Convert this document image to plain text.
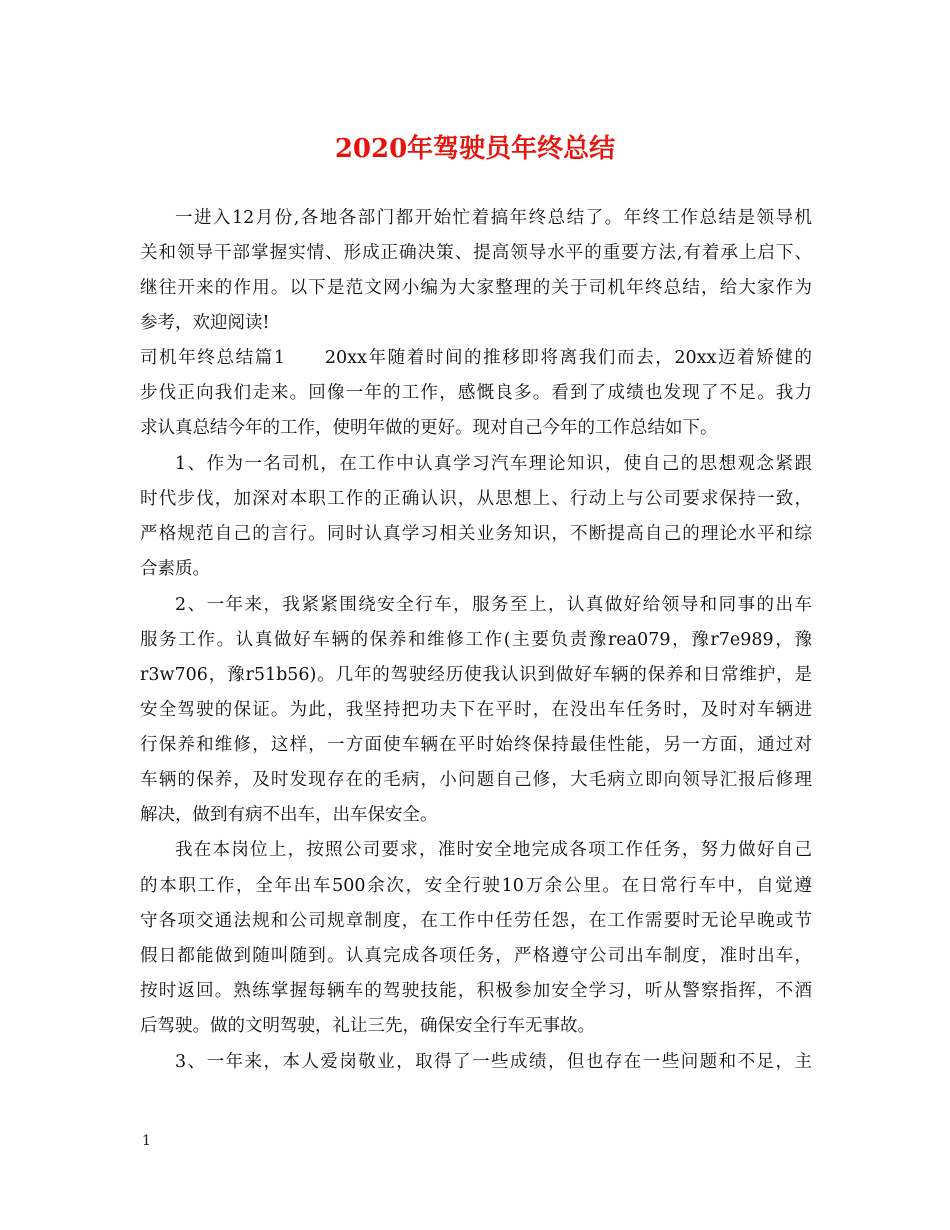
2020年驾驶员年终总结
一进入12月份,各地各部门都开始忙着搞年终总结了。年终工作总结是领导机
关和领导干部掌握实情、形成正确决策、提高领导水平的重要方法,有着承上启下、
继往开来的作用。以下是范文网小编为大家整理的关于司机年终总结，给大家作为
参考，欢迎阅读!
司机年终总结篇1　　20xx年随着时间的推移即将离我们而去，20xx迈着矫健的
步伐正向我们走来。回像一年的工作，感慨良多。看到了成绩也发现了不足。我力
求认真总结今年的工作，使明年做的更好。现对自己今年的工作总结如下。
1、作为一名司机，在工作中认真学习汽车理论知识，使自己的思想观念紧跟
时代步伐，加深对本职工作的正确认识，从思想上、行动上与公司要求保持一致，
严格规范自己的言行。同时认真学习相关业务知识，不断提高自己的理论水平和综
合素质。
2、一年来，我紧紧围绕安全行车，服务至上，认真做好给领导和同事的出车
服务工作。认真做好车辆的保养和维修工作(主要负责豫rea079，豫r7e989，豫
r3w706，豫r51b56)。几年的驾驶经历使我认识到做好车辆的保养和日常维护，是
安全驾驶的保证。为此，我坚持把功夫下在平时，在没出车任务时，及时对车辆进
行保养和维修，这样，一方面使车辆在平时始终保持最佳性能，另一方面，通过对
车辆的保养，及时发现存在的毛病，小问题自己修，大毛病立即向领导汇报后修理
解决，做到有病不出车，出车保安全。
我在本岗位上，按照公司要求，准时安全地完成各项工作任务，努力做好自己
的本职工作，全年出车500余次，安全行驶10万余公里。在日常行车中，自觉遵
守各项交通法规和公司规章制度，在工作中任劳任怨，在工作需要时无论早晚或节
假日都能做到随叫随到。认真完成各项任务，严格遵守公司出车制度，准时出车，
按时返回。熟练掌握每辆车的驾驶技能，积极参加安全学习，听从警察指挥，不酒
后驾驶。做的文明驾驶，礼让三先，确保安全行车无事故。
3、一年来，本人爱岗敬业，取得了一些成绩，但也存在一些问题和不足，主
1
